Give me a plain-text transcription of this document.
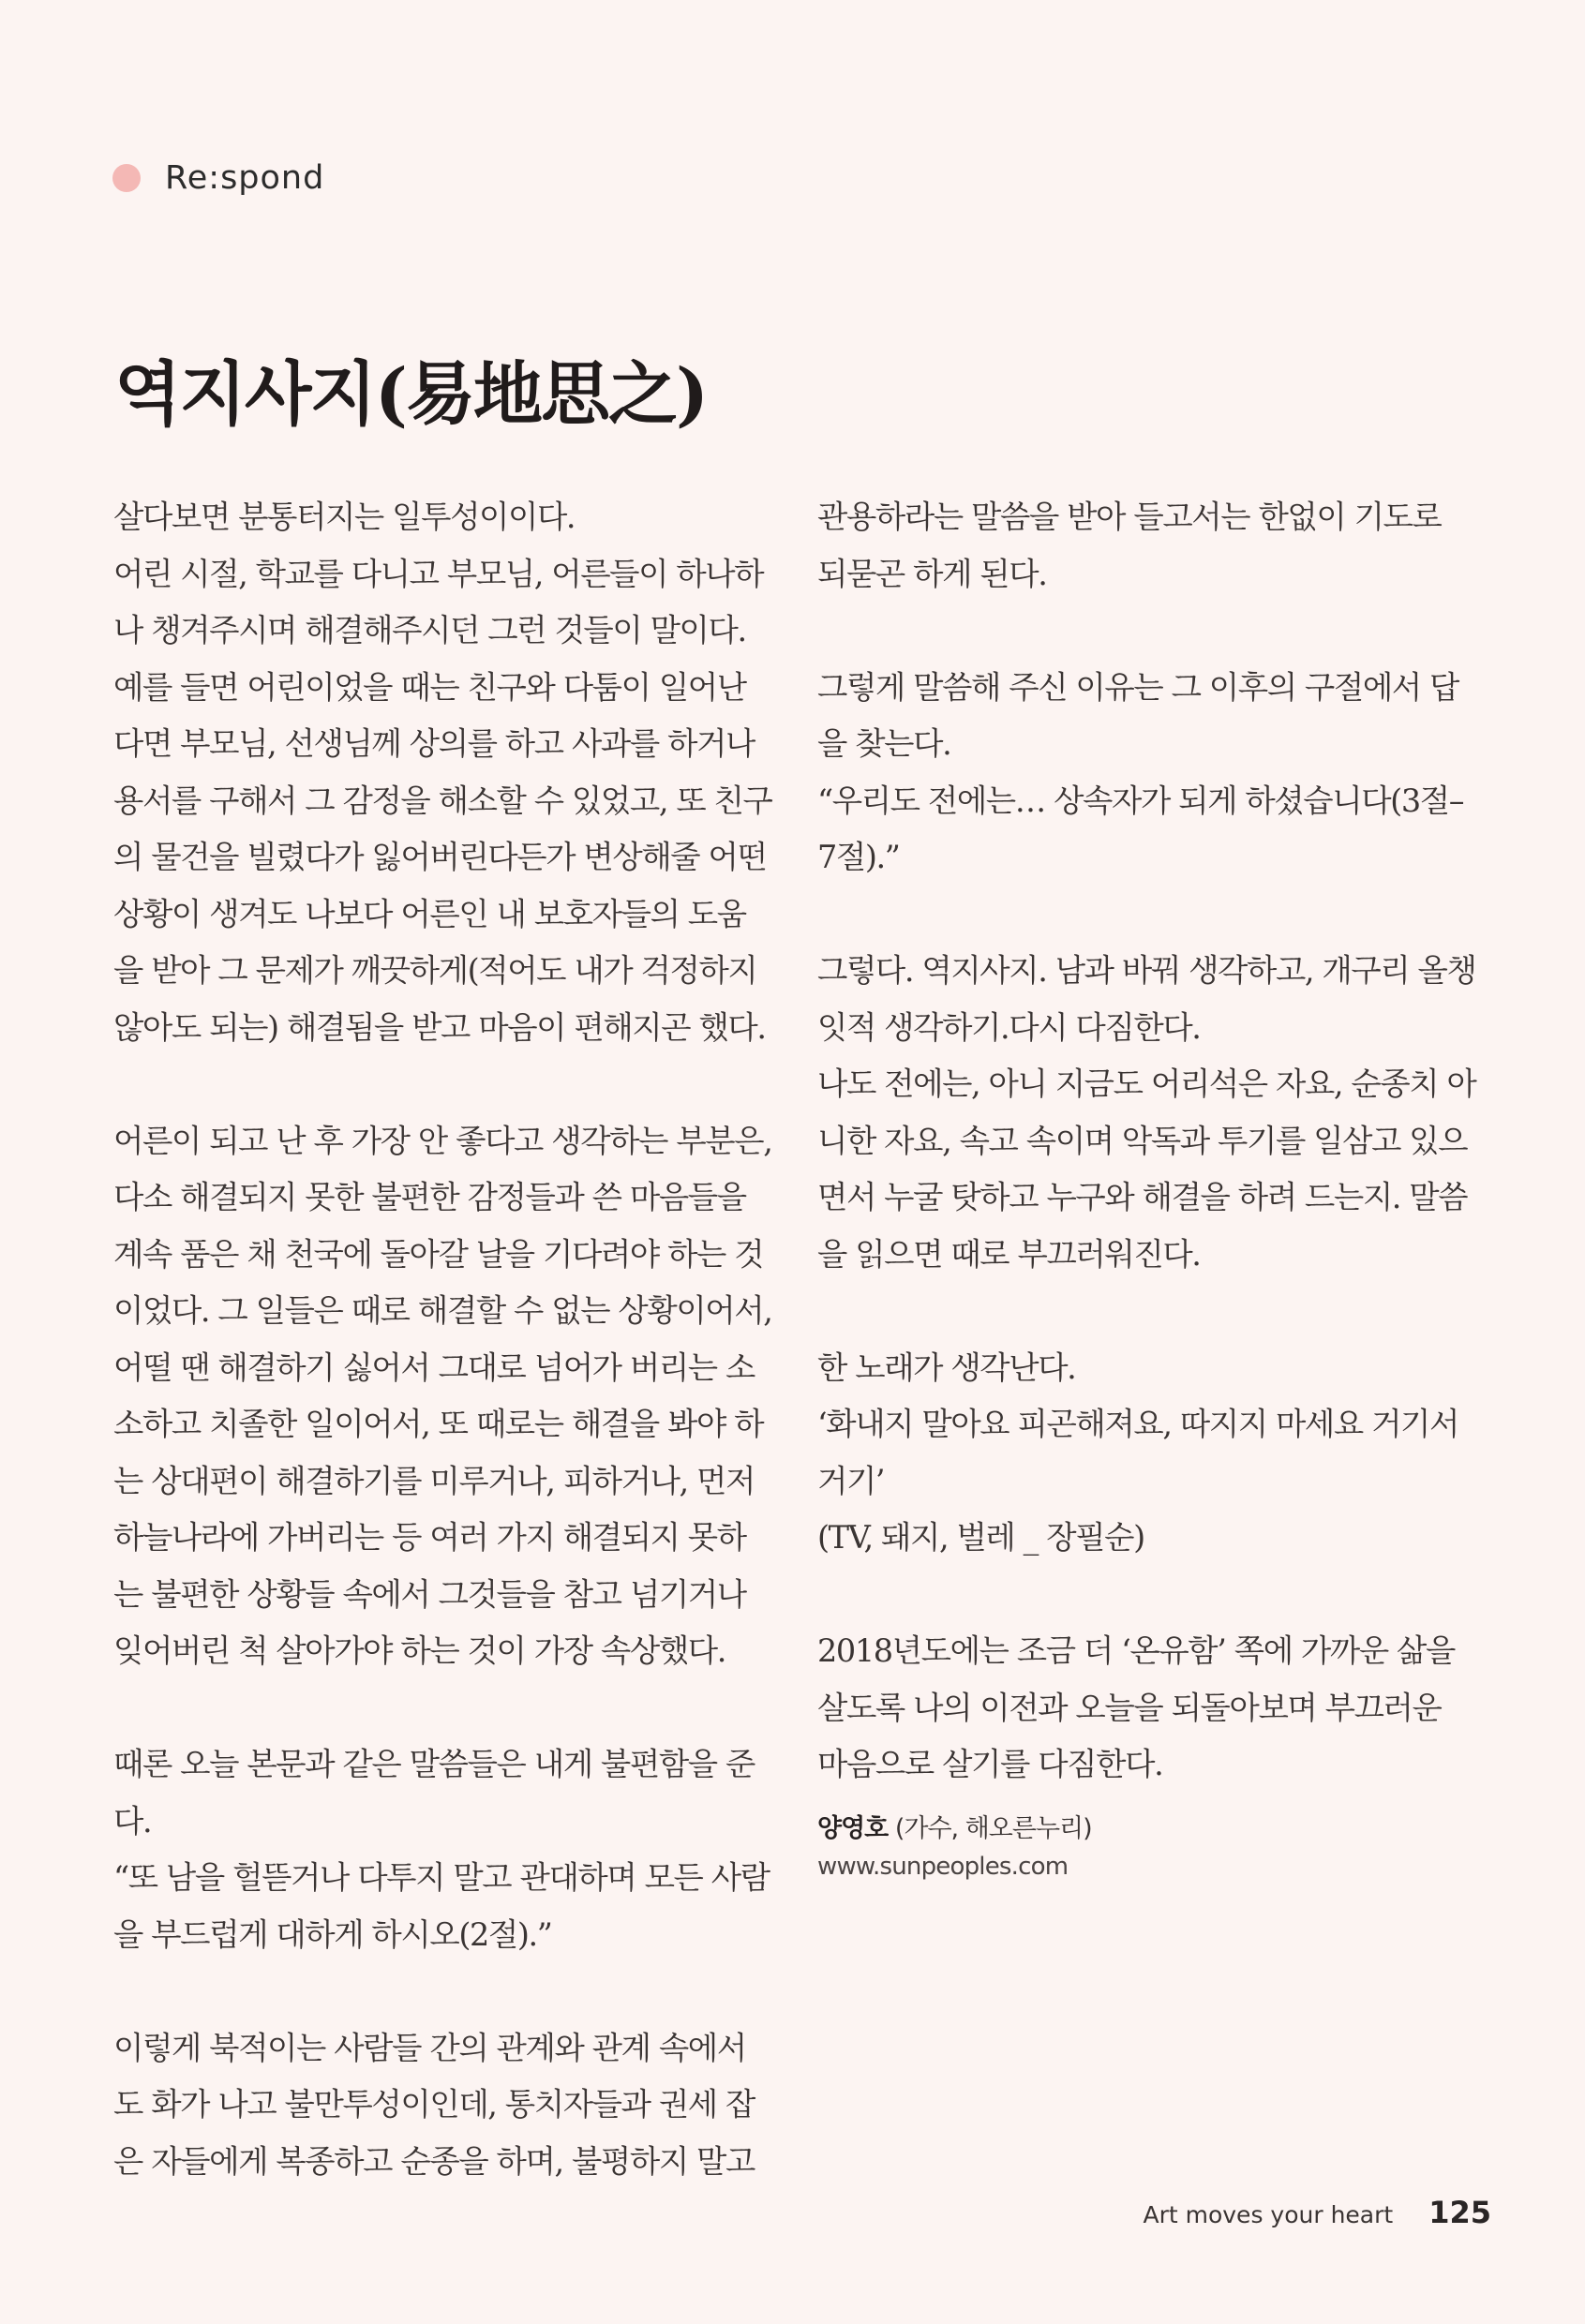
Re:spond
역지사지(易地思之)

살다보면 분통터지는 일투성이이다.
어린 시절, 학교를 다니고 부모님, 어른들이 하나하나 챙겨주시며 해결해주시던 그런 것들이 말이다. 예를 들면 어린이었을 때는 친구와 다툼이 일어난다면 부모님, 선생님께 상의를 하고 사과를 하거나 용서를 구해서 그 감정을 해소할 수 있었고, 또 친구의 물건을 빌렸다가 잃어버린다든가 변상해줄 어떤 상황이 생겨도 나보다 어른인 내 보호자들의 도움을 받아 그 문제가 깨끗하게(적어도 내가 걱정하지 않아도 되는) 해결됨을 받고 마음이 편해지곤 했다.

어른이 되고 난 후 가장 안 좋다고 생각하는 부분은, 다소 해결되지 못한 불편한 감정들과 쓴 마음들을 계속 품은 채 천국에 돌아갈 날을 기다려야 하는 것이었다. 그 일들은 때로 해결할 수 없는 상황이어서, 어떨 땐 해결하기 싫어서 그대로 넘어가 버리는 소소하고 치졸한 일이어서, 또 때로는 해결을 봐야 하는 상대편이 해결하기를 미루거나, 피하거나, 먼저 하늘나라에 가버리는 등 여러 가지 해결되지 못하는 불편한 상황들 속에서 그것들을 참고 넘기거나 잊어버린 척 살아가야 하는 것이 가장 속상했다.

때론 오늘 본문과 같은 말씀들은 내게 불편함을 준다.
“또 남을 헐뜯거나 다투지 말고 관대하며 모든 사람을 부드럽게 대하게 하시오(2절).”

이렇게 북적이는 사람들 간의 관계와 관계 속에서도 화가 나고 불만투성이인데, 통치자들과 권세 잡은 자들에게 복종하고 순종을 하며, 불평하지 말고

관용하라는 말씀을 받아 들고서는 한없이 기도로 되묻곤 하게 된다.

그렇게 말씀해 주신 이유는 그 이후의 구절에서 답을 찾는다.
“우리도 전에는… 상속자가 되게 하셨습니다(3절–7절).”

그렇다. 역지사지. 남과 바꿔 생각하고, 개구리 올챙잇적 생각하기.다시 다짐한다.
나도 전에는, 아니 지금도 어리석은 자요, 순종치 아니한 자요, 속고 속이며 악독과 투기를 일삼고 있으면서 누굴 탓하고 누구와 해결을 하려 드는지. 말씀을 읽으면 때로 부끄러워진다.

한 노래가 생각난다.
‘화내지 말아요 피곤해져요, 따지지 마세요 거기서 거기’
(TV, 돼지, 벌레 _ 장필순)

2018년도에는 조금 더 ‘온유함’ 쪽에 가까운 삶을 살도록 나의 이전과 오늘을 되돌아보며 부끄러운 마음으로 살기를 다짐한다.

양영호 (가수, 해오른누리)
www.sunpeoples.com
Art moves your heart 125
